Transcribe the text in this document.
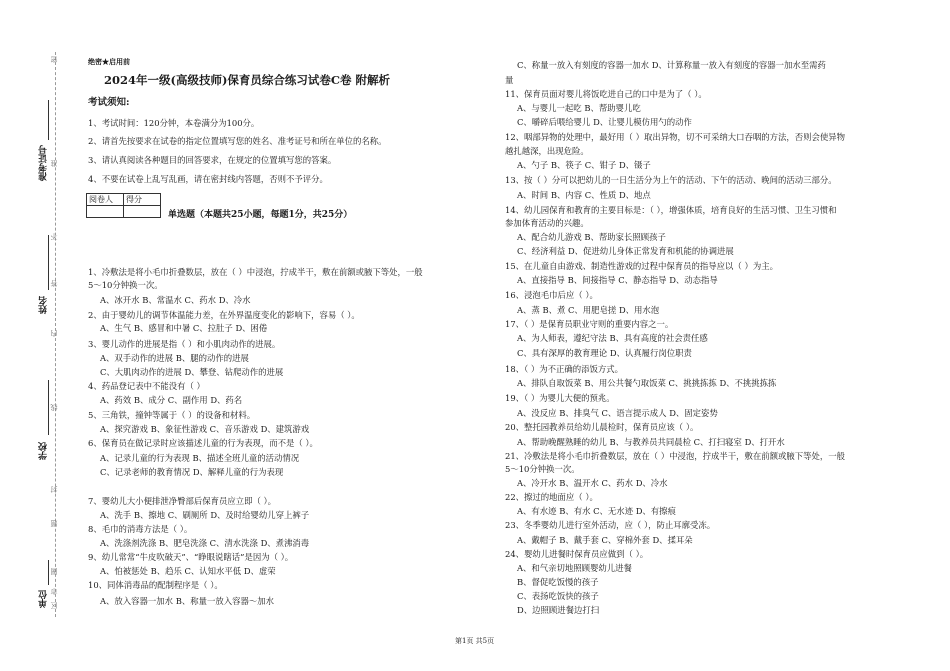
准考证号
姓名
学校
单位
密
不
内
线
封
圈
市
区
准
答
题
绝密★启用前
2024年一级(高级技师)保育员综合练习试卷C卷 附解析
考试须知:
1、考试时间：120分钟，本卷满分为100分。
2、请首先按要求在试卷的指定位置填写您的姓名、准考证号和所在单位的名称。
3、请认真阅读各种题目的回答要求，在规定的位置填写您的答案。
4、不要在试卷上乱写乱画，请在密封线内答题，否则不予评分。
阅卷人	得分

单选题（本题共25小题，每题1分，共25分）
1、冷敷法是将小毛巾折叠数层，放在（ ）中浸泡，拧成半干，敷在前额或腋下等处，一般
5～10分钟换一次。
A、冰开水 B、常温水 C、药水 D、冷水
2、由于婴幼儿的调节体温能力差，在外界温度变化的影响下，容易（ ）。
A、生气 B、感冒和中暑 C、拉肚子 D、困倦
3、婴儿动作的进展是指（ ）和小肌肉动作的进展。
A、双手动作的进展 B、腿的动作的进展
C、大肌肉动作的进展 D、攀登、钻爬动作的进展
4、药品登记表中不能没有（ ）
A、药效 B、成分 C、副作用 D、药名
5、三角铁，撞钟等属于（ ）的设备和材料。
A、探究游戏 B、象征性游戏 C、音乐游戏 D、建筑游戏
6、保育员在做记录时应该描述儿童的行为表现，而不是（ ）。
A、记录儿童的行为表现 B、描述全班儿童的活动情况
C、记录老师的教育情况 D、解释儿童的行为表现
7、婴幼儿大小便排泄净臀部后保育员应立即（ ）。
A、洗手 B、擦地 C、刷厕所 D、及时给婴幼儿穿上裤子
8、毛巾的消毒方法是（ ）。
A、洗涤剂洗涤 B、肥皂洗涤 C、清水洗涤 D、煮沸消毒
9、幼儿常常“牛皮吹破天”、“睁眼说瞎话”是因为（ ）。
A、怕被惩处 B、趋乐 C、认知水平低 D、虚荣
10、同体消毒品的配制程序是（ ）。
A、放入容器一加水 B、称量一放入容器～加水
C、称量一放入有刻度的容器一加水 D、计算称量一放入有刻度的容器一加水至需药
量
11、保育员面对婴儿将饭吃进自己的口中是为了（ ）。
A、与婴儿一起吃 B、帮助婴儿吃
C、嚼碎后喂给婴儿 D、让婴儿模仿用勺的动作
12、咽部异物的处理中，最好用（ ）取出异物，切不可采纳大口吞咽的方法，否则会使异物
越扎越深，出现危险。
A、勺子 B、筷子 C、钳子 D、镊子
13、按（ ）分可以把幼儿的一日生活分为上午的活动、下午的活动、晚间的活动三部分。
A、时间 B、内容 C、性质 D、地点
14、幼儿园保育和教育的主要目标是：（ ），增强体质，培育良好的生活习惯、卫生习惯和
参加体育活动的兴趣。
A、配合幼儿游戏 B、帮助家长照顾孩子
C、经济利益 D、促进幼儿身体正常发育和机能的协调进展
15、在儿童自由游戏、制造性游戏的过程中保育员的指导应以（ ）为主。
A、直接指导 B、间接指导 C、静态指导 D、动态指导
16、浸泡毛巾后应（ ）。
A、蒸 B、煮 C、用肥皂搓 D、用水泡
17、（ ）是保育员职业守则的重要内容之一。
A、为人师表，遵纪守法 B、具有高度的社会责任感
C、具有深厚的教育理论 D、认真履行岗位职责
18、（ ）为不正确的添饭方式。
A、排队自取饭菜 B、用公共餐勺取饭菜 C、挑挑拣拣 D、不挑挑拣拣
19、（ ）为婴儿大便的预兆。
A、没反应 B、排臭气 C、语言提示成人 D、固定姿势
20、整托园教养员给幼儿晨检时，保育员应该（ ）。
A、帮助晚醒熟睡的幼儿 B、与教养员共同晨检 C、打扫寝室 D、打开水
21、冷敷法是将小毛巾折叠数层，放在（ ）中浸泡，拧成半干，敷在前额或腋下等处，一般
5～10分钟换一次。
A、冷开水 B、温开水 C、药水 D、冷水
22、擦过的地面应（ ）。
A、有水迹 B、有水 C、无水迹 D、有擦痕
23、冬季婴幼儿进行室外活动，应（ ），防止耳廓受冻。
A、戴帽子 B、戴手套 C、穿棉外套 D、揉耳朵
24、婴幼儿进餐时保育员应做到（ ）。
A、和气亲切地照顾婴幼儿进餐
B、督促吃饭慢的孩子
C、表扬吃饭快的孩子
D、边照顾进餐边打扫
第1页 共5页
